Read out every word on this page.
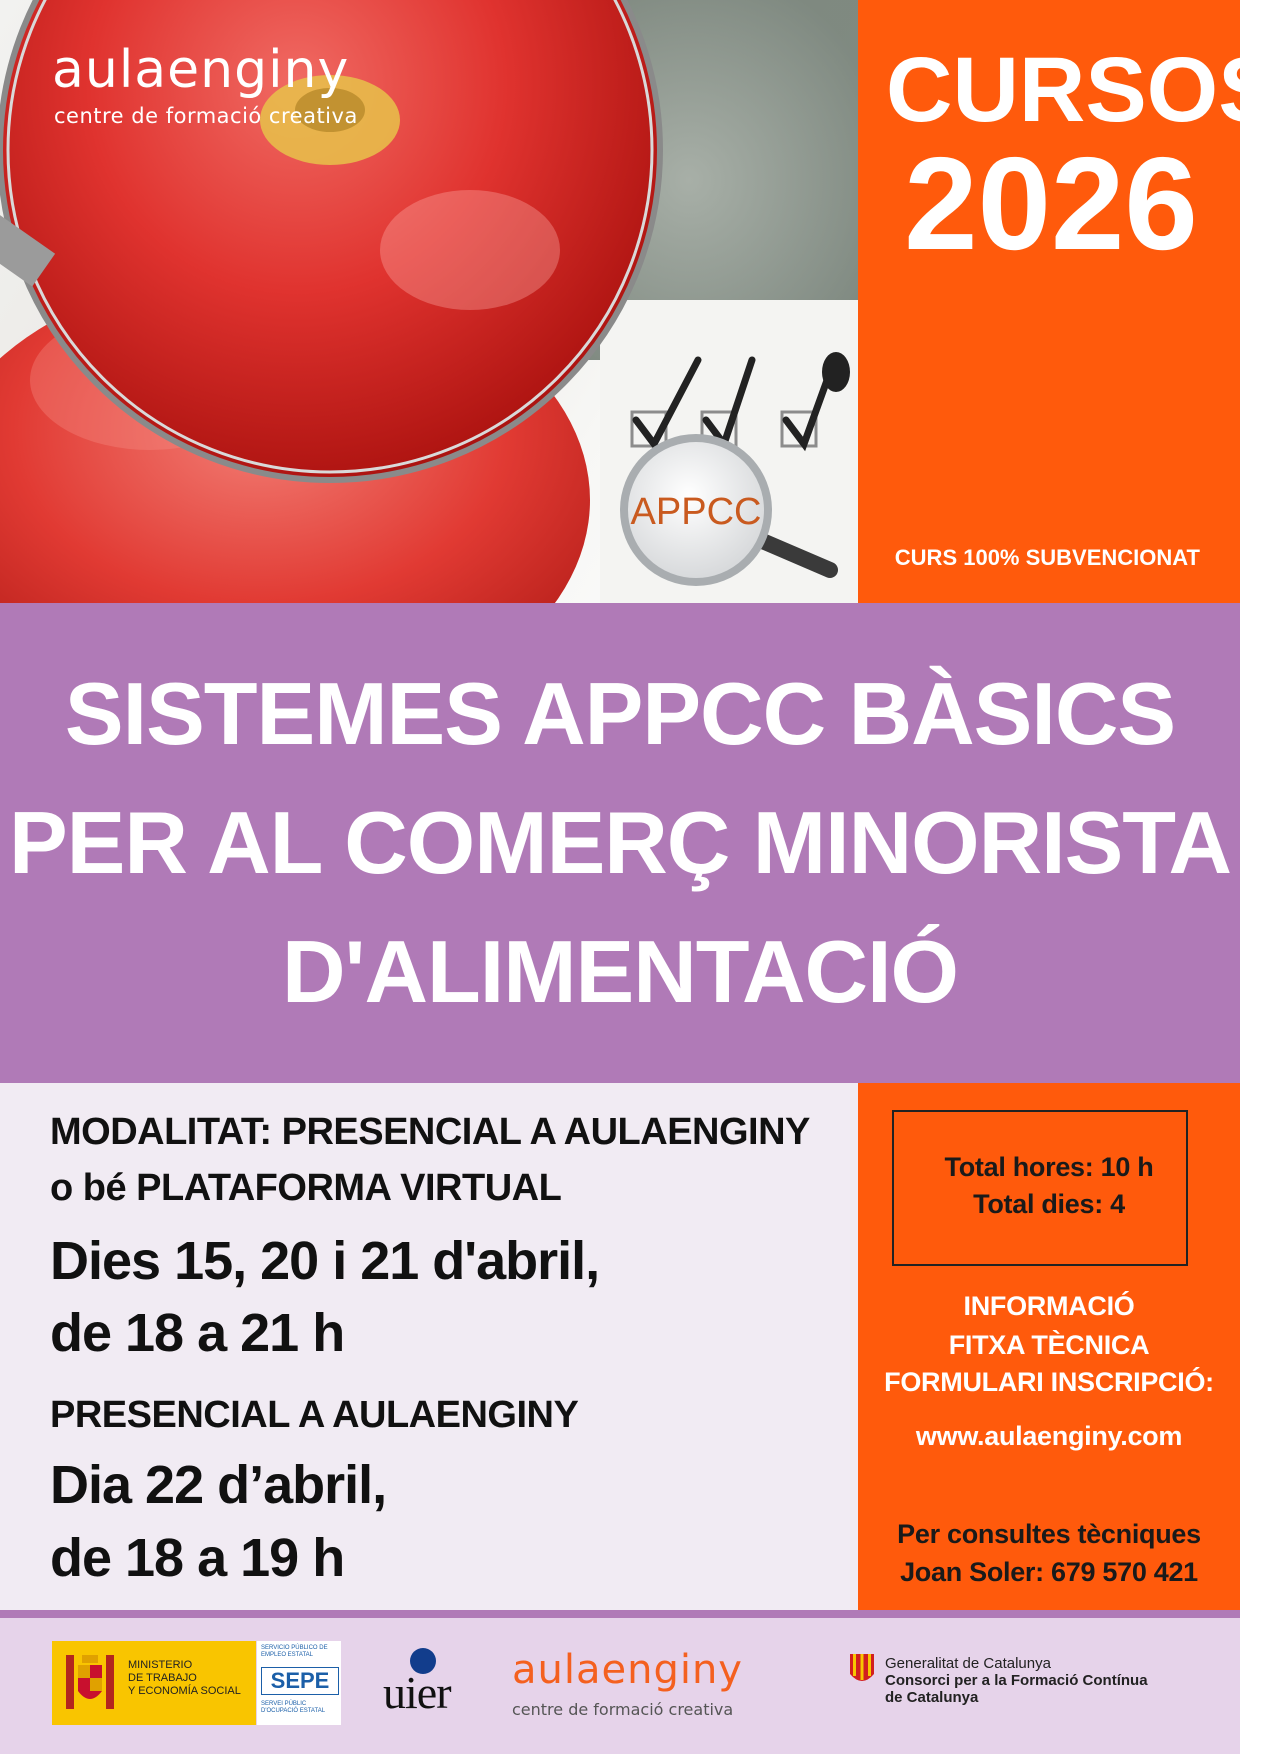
APPCC
aulaenginy
centre de formació creativa	CURSOS
2026
CURS 100% SUBVENCIONAT
SISTEMES APPCC BÀSICS
PER AL COMERÇ MINORISTA
D'ALIMENTACIÓ
MODALITAT: PRESENCIAL A AULAENGINY
o bé PLATAFORMA VIRTUAL
Dies 15, 20 i 21 d'abril,
de 18 a 21 h
PRESENCIAL A AULAENGINY
Dia 22 d’abril,
de 18 a 19 h
Total hores: 10 h
Total dies: 4
INFORMACIÓ
FITXA TÈCNICA
FORMULARI INSCRIPCIÓ:
www.aulaenginy.com
Per consultes tècniques
Joan Soler: 679 570 421
MINISTERIO
DE TRABAJO
Y ECONOMÍA SOCIAL
SERVICIO PÚBLICO DE EMPLEO ESTATAL
SEPE
SERVEI PÚBLIC D'OCUPACIÓ ESTATAL	uier aulaenginy
centre de formació creativa
Generalitat de Catalunya
Consorci per a la Formació Contínua
de Catalunya
